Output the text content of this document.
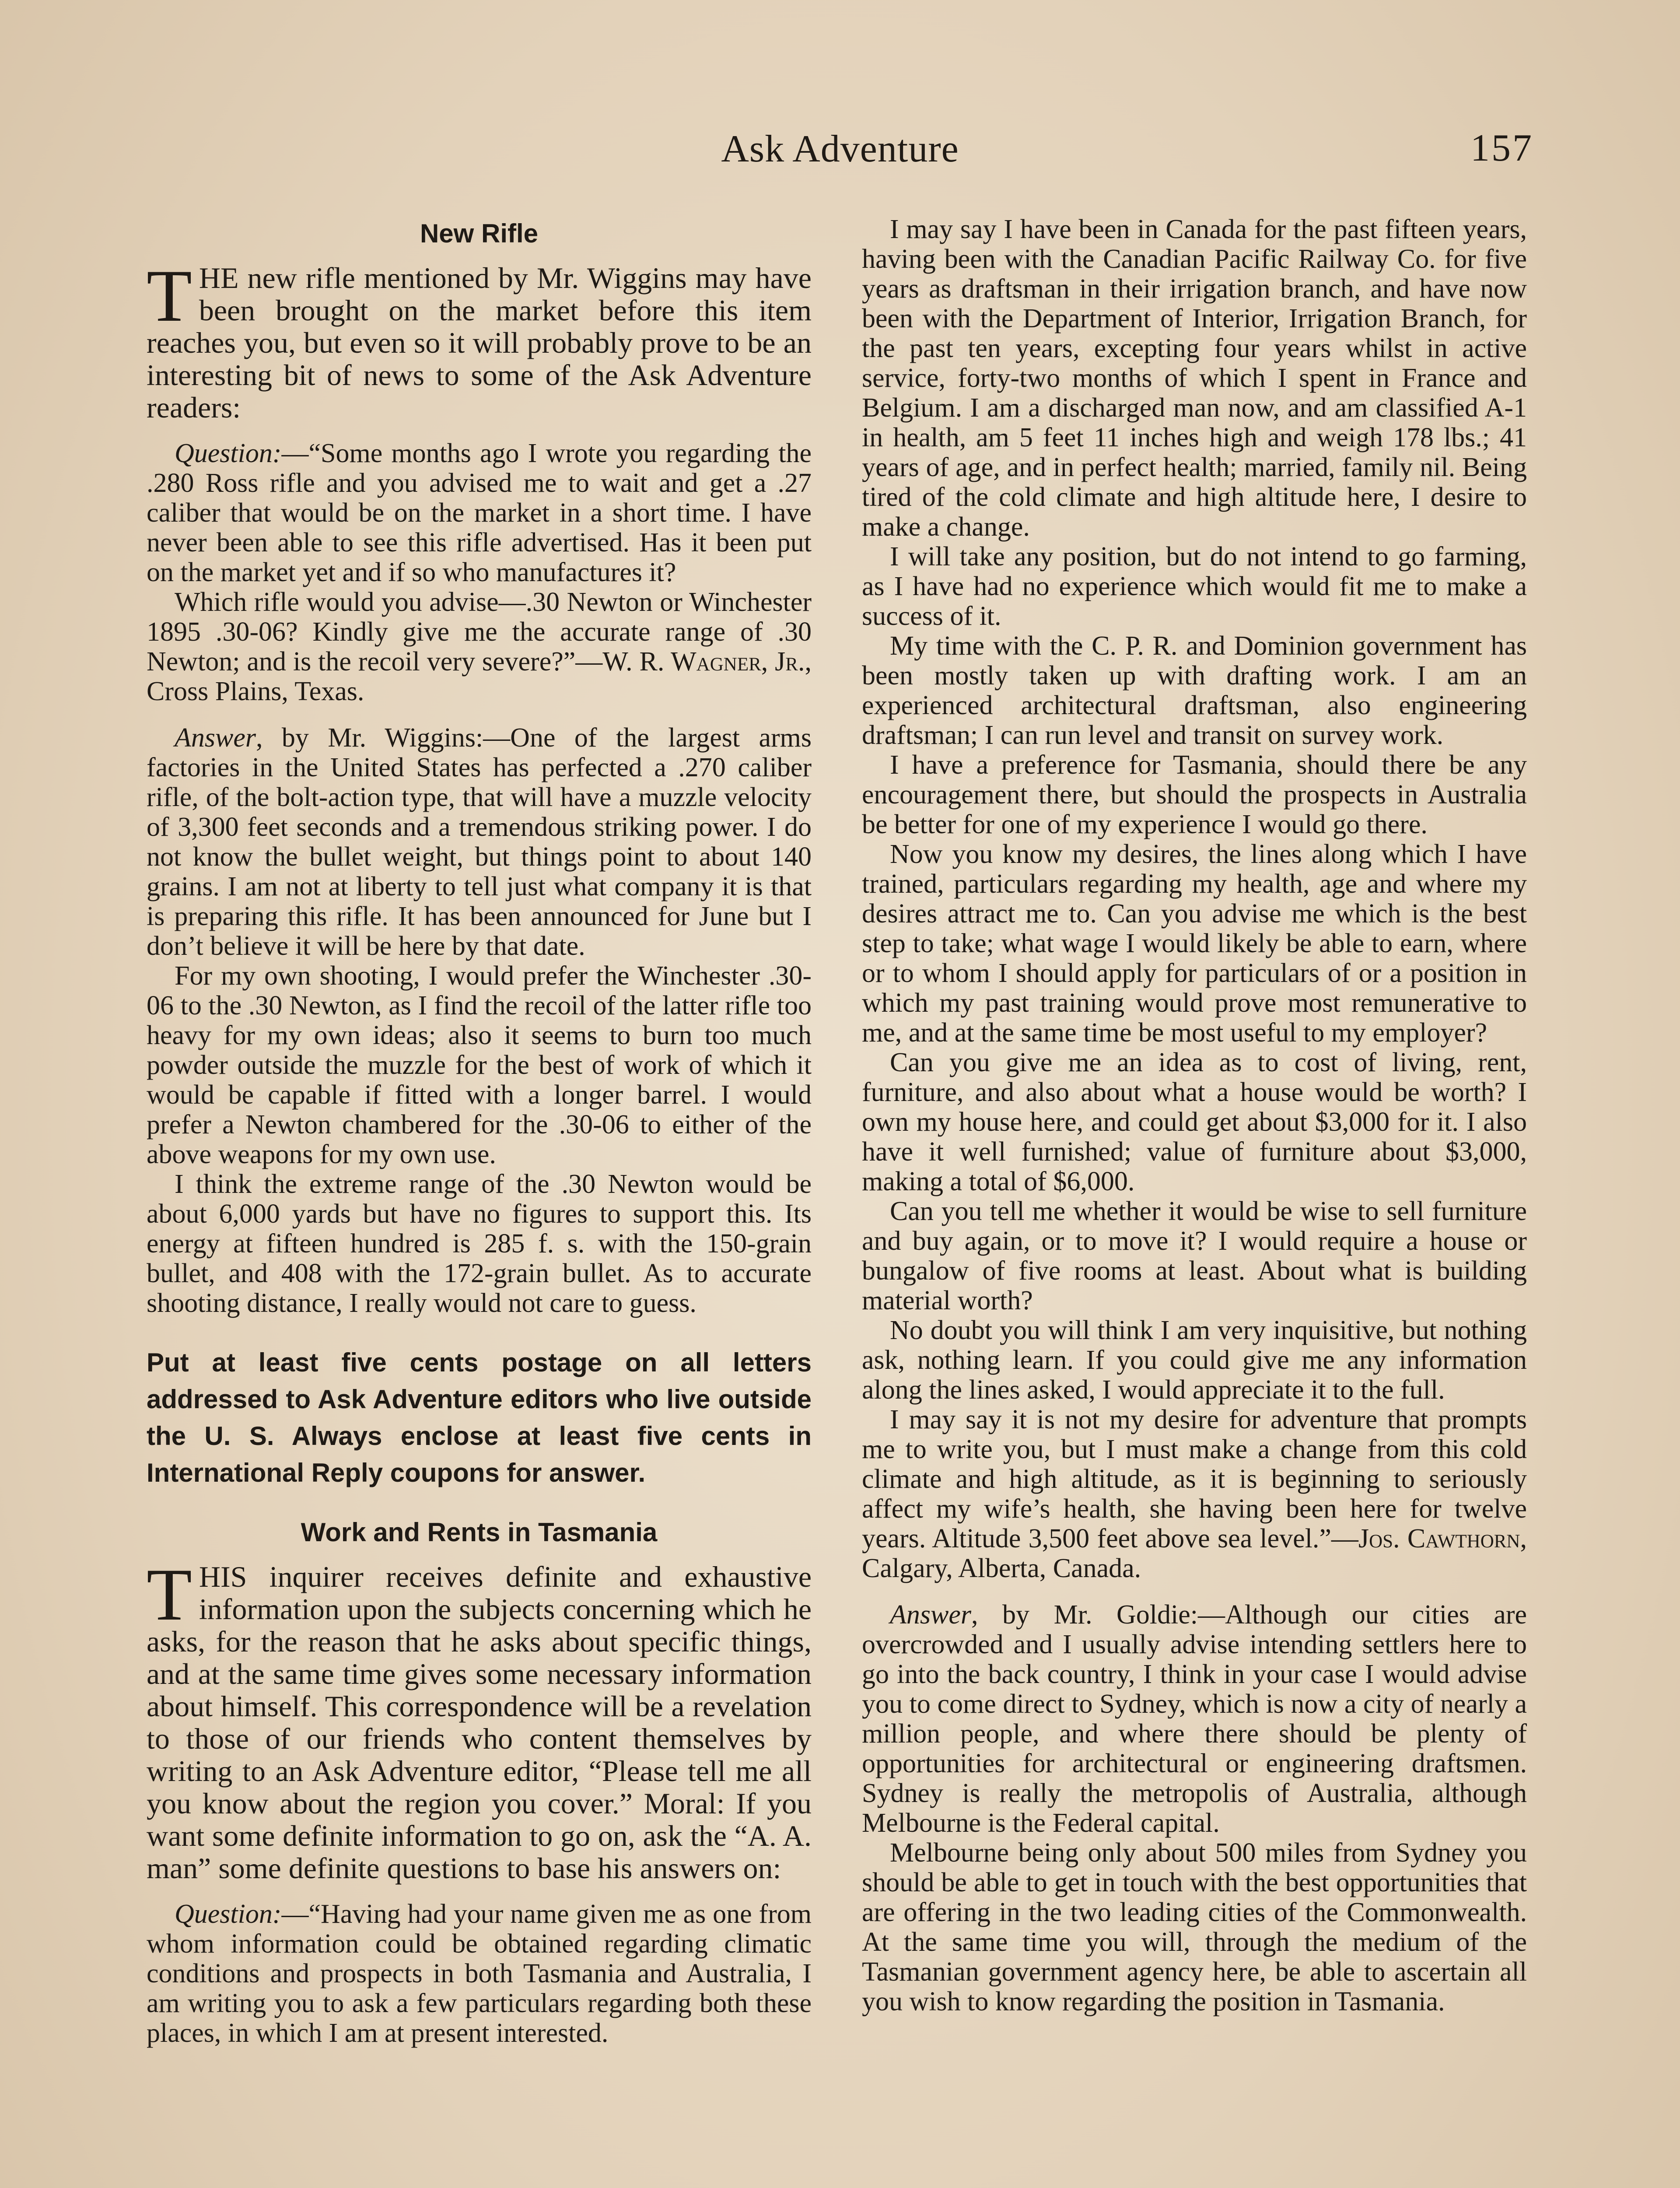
Ask Adventure	157
New Rifle
THE new rifle mentioned by Mr. Wiggins may have been brought on the market before this item reaches you, but even so it will probably prove to be an interesting bit of news to some of the Ask Adventure readers:

Question:—“Some months ago I wrote you regarding the .280 Ross rifle and you advised me to wait and get a .27 caliber that would be on the market in a short time. I have never been able to see this rifle advertised. Has it been put on the market yet and if so who manufactures it?

Which rifle would you advise—.30 Newton or Winchester 1895 .30-06? Kindly give me the accurate range of .30 Newton; and is the recoil very severe?”—W. R. Wagner, Jr., Cross Plains, Texas.

Answer, by Mr. Wiggins:—One of the largest arms factories in the United States has perfected a .270 caliber rifle, of the bolt-action type, that will have a muzzle velocity of 3,300 feet seconds and a tremendous striking power. I do not know the bullet weight, but things point to about 140 grains. I am not at liberty to tell just what company it is that is preparing this rifle. It has been announced for June but I don’t believe it will be here by that date.

For my own shooting, I would prefer the Winchester .30-06 to the .30 Newton, as I find the recoil of the latter rifle too heavy for my own ideas; also it seems to burn too much powder outside the muzzle for the best of work of which it would be capable if fitted with a longer barrel. I would prefer a Newton chambered for the .30-06 to either of the above weapons for my own use.

I think the extreme range of the .30 Newton would be about 6,000 yards but have no figures to support this. Its energy at fifteen hundred is 285 f. s. with the 150-grain bullet, and 408 with the 172-grain bullet. As to accurate shooting distance, I really would not care to guess.

Put at least five cents postage on all letters addressed to Ask Adventure editors who live outside the U. S. Always enclose at least five cents in International Reply coupons for answer.
Work and Rents in Tasmania
THIS inquirer receives definite and exhaustive information upon the subjects concerning which he asks, for the reason that he asks about specific things, and at the same time gives some necessary information about himself. This correspondence will be a revelation to those of our friends who content themselves by writing to an Ask Adventure editor, “Please tell me all you know about the region you cover.” Moral: If you want some definite information to go on, ask the “A. A. man” some definite questions to base his answers on:

Question:—“Having had your name given me as one from whom information could be obtained regarding climatic conditions and prospects in both Tasmania and Australia, I am writing you to ask a few particulars regarding both these places, in which I am at present interested.

I may say I have been in Canada for the past fifteen years, having been with the Canadian Pacific Railway Co. for five years as draftsman in their irrigation branch, and have now been with the Department of Interior, Irrigation Branch, for the past ten years, excepting four years whilst in active service, forty-two months of which I spent in France and Belgium. I am a discharged man now, and am classified A-1 in health, am 5 feet 11 inches high and weigh 178 lbs.; 41 years of age, and in perfect health; married, family nil. Being tired of the cold climate and high altitude here, I desire to make a change.

I will take any position, but do not intend to go farming, as I have had no experience which would fit me to make a success of it.

My time with the C. P. R. and Dominion government has been mostly taken up with drafting work. I am an experienced architectural draftsman, also engineering draftsman; I can run level and transit on survey work.

I have a preference for Tasmania, should there be any encouragement there, but should the prospects in Australia be better for one of my experience I would go there.

Now you know my desires, the lines along which I have trained, particulars regarding my health, age and where my desires attract me to. Can you advise me which is the best step to take; what wage I would likely be able to earn, where or to whom I should apply for particulars of or a position in which my past training would prove most remunerative to me, and at the same time be most useful to my employer?

Can you give me an idea as to cost of living, rent, furniture, and also about what a house would be worth? I own my house here, and could get about $3,000 for it. I also have it well furnished; value of furniture about $3,000, making a total of $6,000.

Can you tell me whether it would be wise to sell furniture and buy again, or to move it? I would require a house or bungalow of five rooms at least. About what is building material worth?

No doubt you will think I am very inquisitive, but nothing ask, nothing learn. If you could give me any information along the lines asked, I would appreciate it to the full.

I may say it is not my desire for adventure that prompts me to write you, but I must make a change from this cold climate and high altitude, as it is beginning to seriously affect my wife’s health, she having been here for twelve years. Altitude 3,500 feet above sea level.”—Jos. Cawthorn, Calgary, Alberta, Canada.

Answer, by Mr. Goldie:—Although our cities are overcrowded and I usually advise intending settlers here to go into the back country, I think in your case I would advise you to come direct to Sydney, which is now a city of nearly a million people, and where there should be plenty of opportunities for architectural or engineering draftsmen. Sydney is really the metropolis of Australia, although Melbourne is the Federal capital.

Melbourne being only about 500 miles from Sydney you should be able to get in touch with the best opportunities that are offering in the two leading cities of the Commonwealth. At the same time you will, through the medium of the Tasmanian government agency here, be able to ascertain all you wish to know regarding the position in Tasmania.
